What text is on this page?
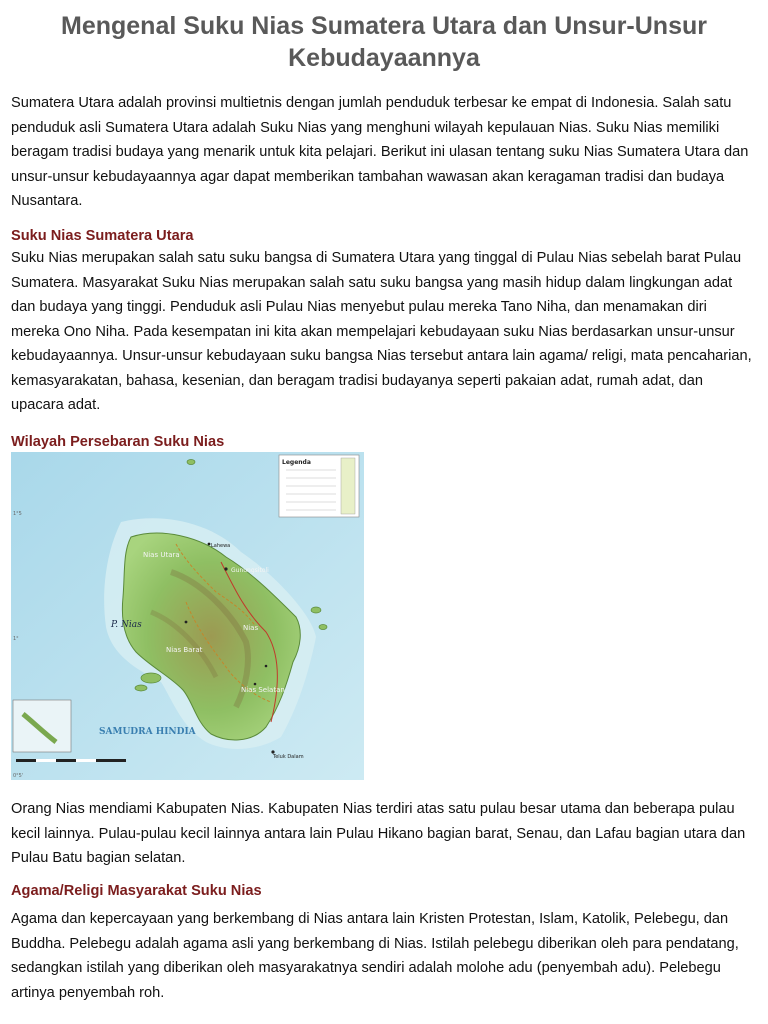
Mengenal Suku Nias Sumatera Utara dan Unsur-Unsur Kebudayaannya

Sumatera Utara adalah provinsi multietnis dengan jumlah penduduk terbesar ke empat di Indonesia. Salah satu penduduk asli Sumatera Utara adalah Suku Nias yang menghuni wilayah kepulauan Nias. Suku Nias memiliki beragam tradisi budaya yang menarik untuk kita pelajari. Berikut ini ulasan tentang suku Nias Sumatera Utara dan unsur-unsur kebudayaannya agar dapat memberikan tambahan wawasan akan keragaman tradisi dan budaya Nusantara.

Suku Nias Sumatera Utara

Suku Nias merupakan salah satu suku bangsa di Sumatera Utara yang tinggal di Pulau Nias sebelah barat Pulau Sumatera. Masyarakat Suku Nias merupakan salah satu suku bangsa yang masih hidup dalam lingkungan adat dan budaya yang tinggi. Penduduk asli Pulau Nias menyebut pulau mereka Tano Niha, dan menamakan diri mereka Ono Niha. Pada kesempatan ini kita akan mempelajari kebudayaan suku Nias berdasarkan unsur-unsur kebudayaannya. Unsur-unsur kebudayaan suku bangsa Nias tersebut antara lain agama/ religi, mata pencaharian, kemasyarakatan, bahasa, kesenian, dan beragam tradisi budayanya seperti pakaian adat, rumah adat, dan upacara adat.

Wilayah Persebaran Suku Nias
Legenda
Nias Utara
Gunungsitoli
P. Nias	Nias
Nias Barat
Nias Selatan
SAMUDRA HINDIA
Lahewa
Teluk Dalam
1°5
1°
0°5'

Orang Nias mendiami Kabupaten Nias. Kabupaten Nias terdiri atas satu pulau besar utama dan beberapa pulau kecil lainnya. Pulau-pulau kecil lainnya antara lain Pulau Hikano bagian barat, Senau, dan Lafau bagian utara dan Pulau Batu bagian selatan.

Agama/Religi Masyarakat Suku Nias

Agama dan kepercayaan yang berkembang di Nias antara lain Kristen Protestan, Islam, Katolik, Pelebegu, dan Buddha. Pelebegu adalah agama asli yang berkembang di Nias. Istilah pelebegu diberikan oleh para pendatang, sedangkan istilah yang diberikan oleh masyarakatnya sendiri adalah molohe adu (penyembah adu). Pelebegu artinya penyembah roh.
